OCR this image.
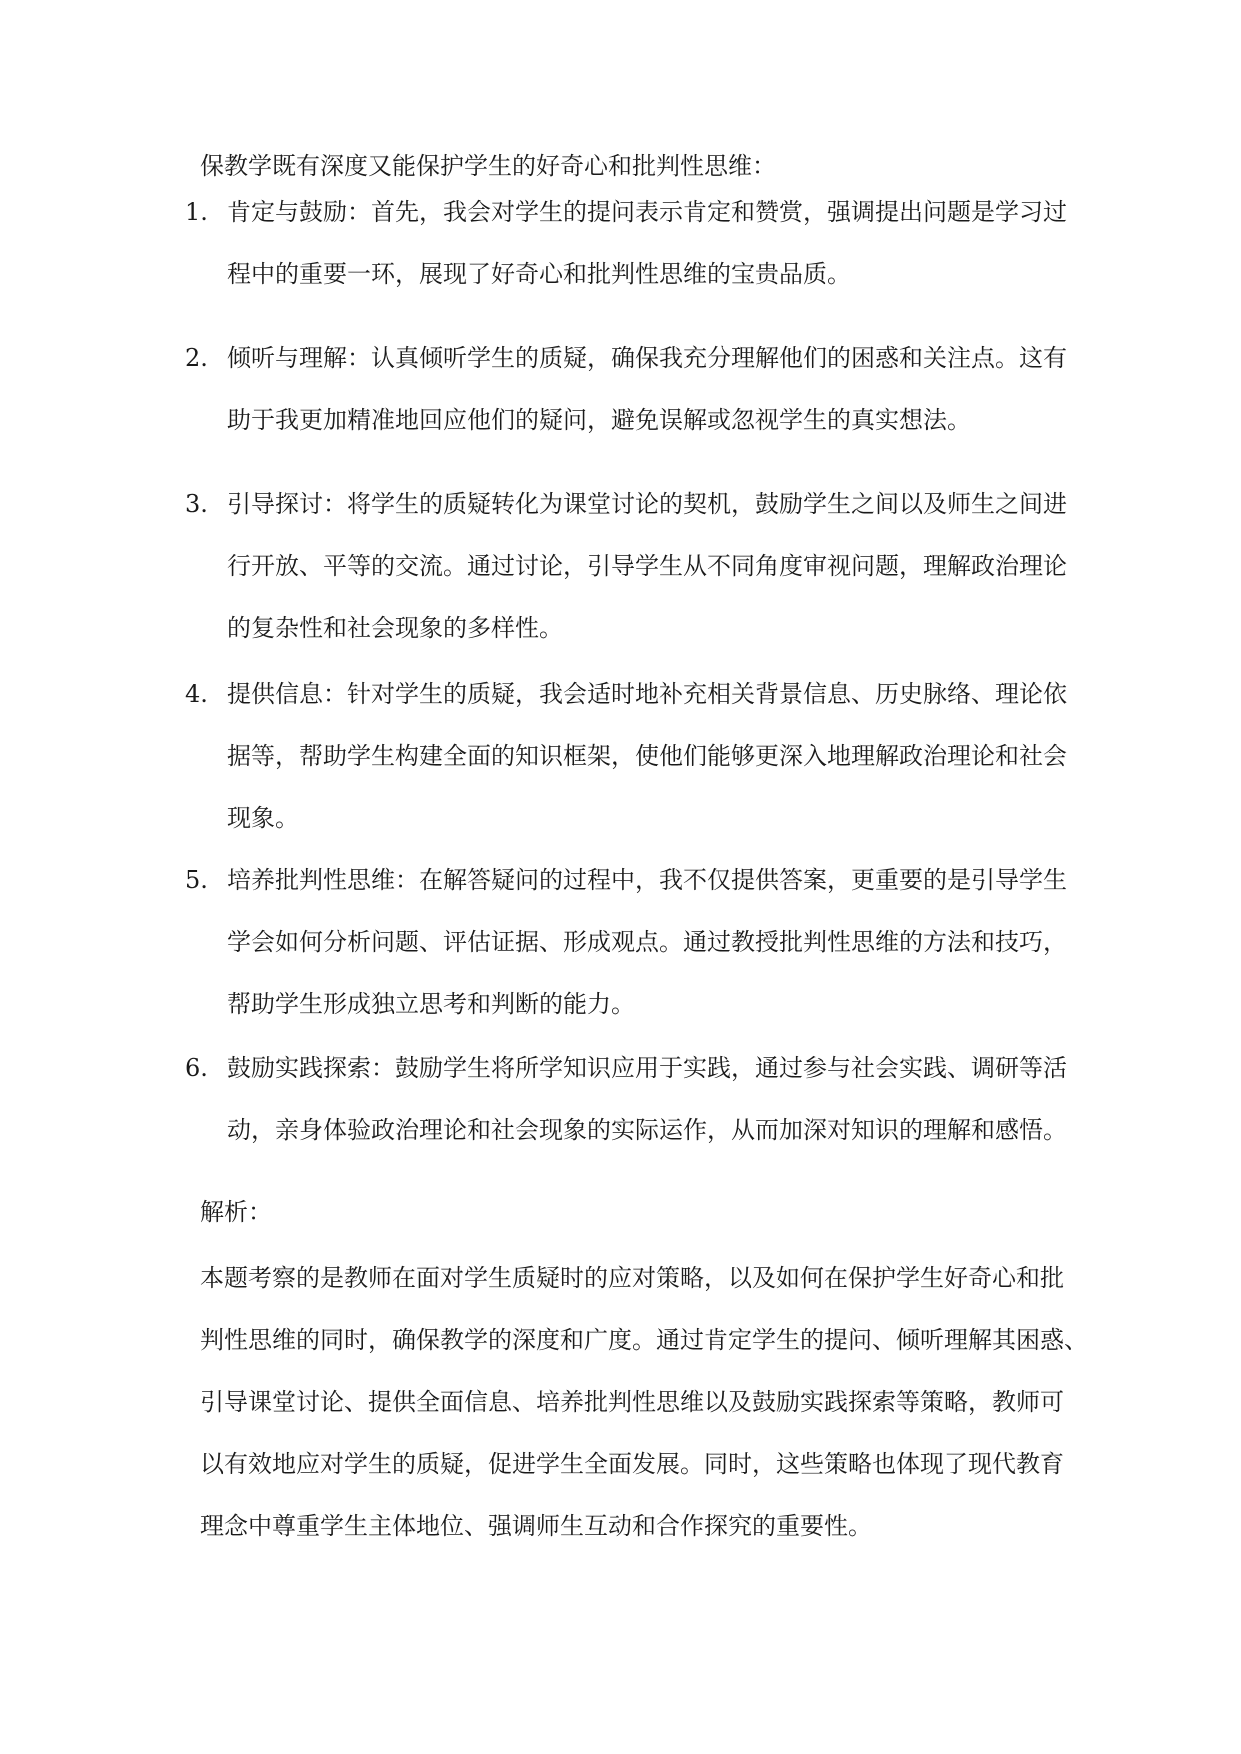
保教学既有深度又能保护学生的好奇心和批判性思维：
1. 肯定与鼓励：首先，我会对学生的提问表示肯定和赞赏，强调提出问题是学习过
程中的重要一环，展现了好奇心和批判性思维的宝贵品质。
2. 倾听与理解：认真倾听学生的质疑，确保我充分理解他们的困惑和关注点。这有
助于我更加精准地回应他们的疑问，避免误解或忽视学生的真实想法。
3. 引导探讨：将学生的质疑转化为课堂讨论的契机，鼓励学生之间以及师生之间进
行开放、平等的交流。通过讨论，引导学生从不同角度审视问题，理解政治理论
的复杂性和社会现象的多样性。
4. 提供信息：针对学生的质疑，我会适时地补充相关背景信息、历史脉络、理论依
据等，帮助学生构建全面的知识框架，使他们能够更深入地理解政治理论和社会
现象。
5. 培养批判性思维：在解答疑问的过程中，我不仅提供答案，更重要的是引导学生
学会如何分析问题、评估证据、形成观点。通过教授批判性思维的方法和技巧，
帮助学生形成独立思考和判断的能力。
6. 鼓励实践探索：鼓励学生将所学知识应用于实践，通过参与社会实践、调研等活
动，亲身体验政治理论和社会现象的实际运作，从而加深对知识的理解和感悟。
解析：
本题考察的是教师在面对学生质疑时的应对策略，以及如何在保护学生好奇心和批
判性思维的同时，确保教学的深度和广度。通过肯定学生的提问、倾听理解其困惑、
引导课堂讨论、提供全面信息、培养批判性思维以及鼓励实践探索等策略，教师可
以有效地应对学生的质疑，促进学生全面发展。同时，这些策略也体现了现代教育
理念中尊重学生主体地位、强调师生互动和合作探究的重要性。
